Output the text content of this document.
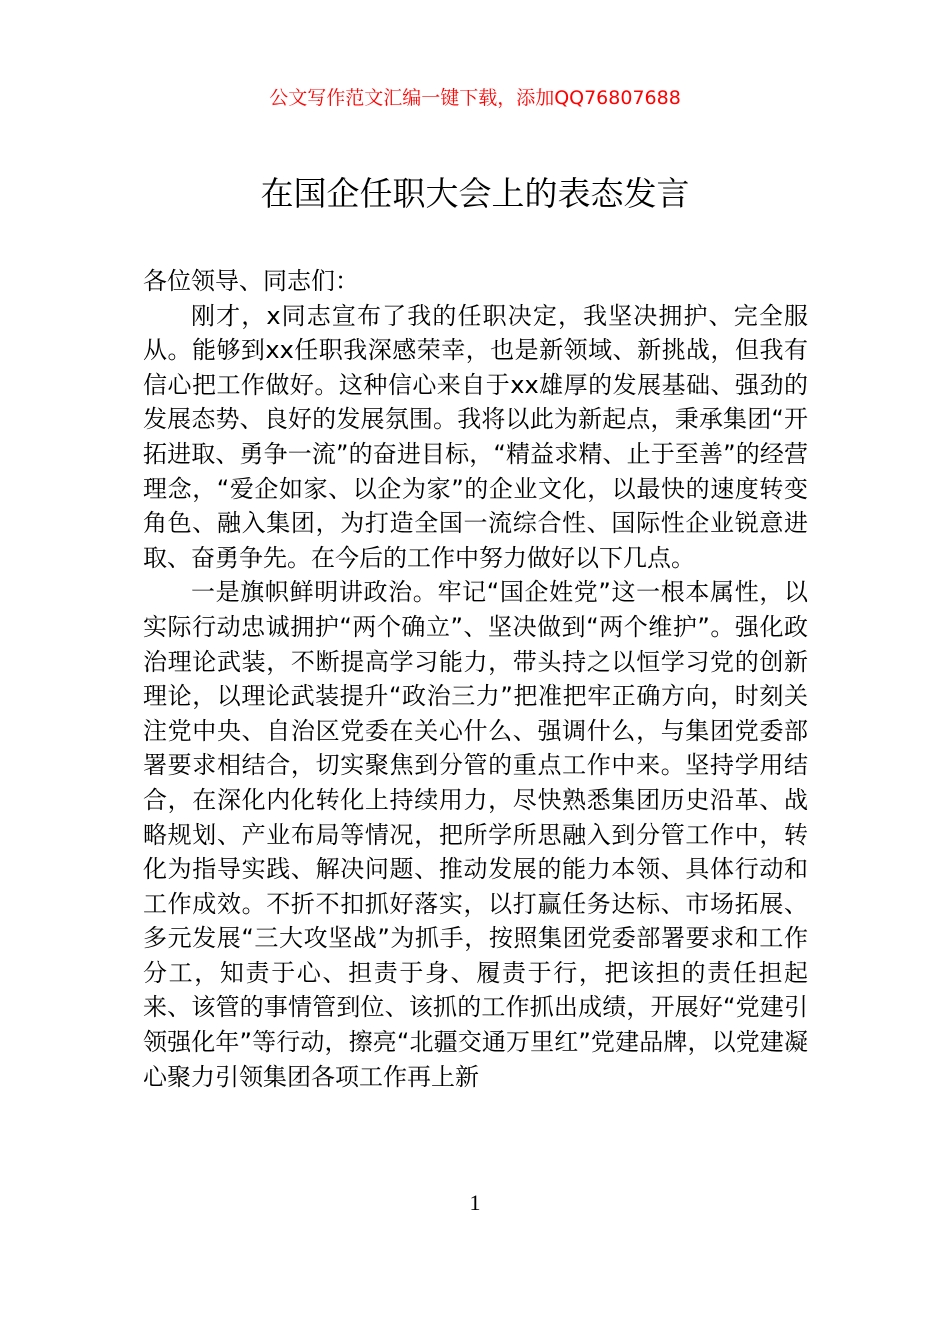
公文写作范文汇编一键下载，添加QQ76807688
在国企任职大会上的表态发言

各位领导、同志们：

刚才，x同志宣布了我的任职决定，我坚决拥护、完全服从。能够到xx任职我深感荣幸，也是新领域、新挑战，但我有信心把工作做好。这种信心来自于xx雄厚的发展基础、强劲的发展态势、良好的发展氛围。我将以此为新起点，秉承集团“开拓进取、勇争一流”的奋进目标，“精益求精、止于至善”的经营理念，“爱企如家、以企为家”的企业文化，以最快的速度转变角色、融入集团，为打造全国一流综合性、国际性企业锐意进取、奋勇争先。在今后的工作中努力做好以下几点。

一是旗帜鲜明讲政治。牢记“国企姓党”这一根本属性，以实际行动忠诚拥护“两个确立”、坚决做到“两个维护”。强化政治理论武装，不断提高学习能力，带头持之以恒学习党的创新理论，以理论武装提升“政治三力”把准把牢正确方向，时刻关注党中央、自治区党委在关心什么、强调什么，与集团党委部署要求相结合，切实聚焦到分管的重点工作中来。坚持学用结合，在深化内化转化上持续用力，尽快熟悉集团历史沿革、战略规划、产业布局等情况，把所学所思融入到分管工作中，转化为指导实践、解决问题、推动发展的能力本领、具体行动和工作成效。不折不扣抓好落实，以打赢任务达标、市场拓展、多元发展“三大攻坚战”为抓手，按照集团党委部署要求和工作分工，知责于心、担责于身、履责于行，把该担的责任担起来、该管的事情管到位、该抓的工作抓出成绩，开展好“党建引领强化年”等行动，擦亮“北疆交通万里红”党建品牌，以党建凝心聚力引领集团各项工作再上新

1
